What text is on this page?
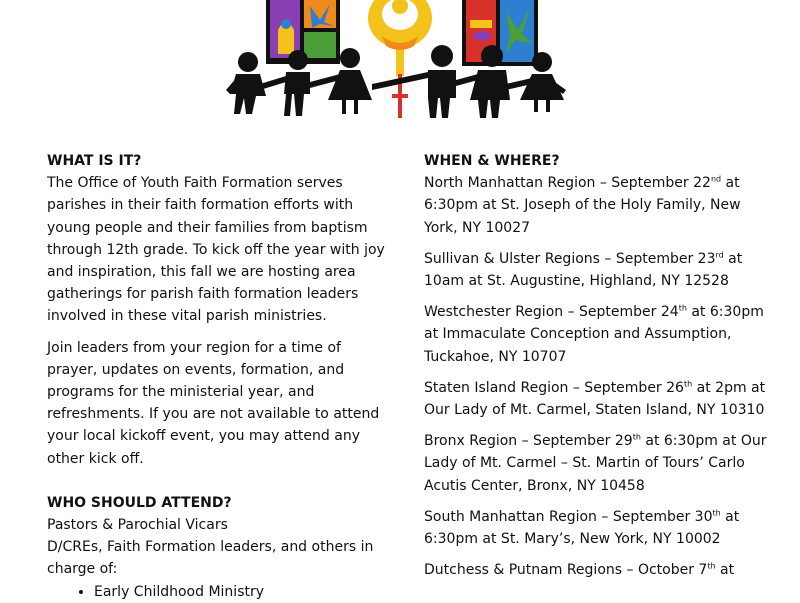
WHAT IS IT?

The Office of Youth Faith Formation serves parishes in their faith formation efforts with young people and their families from baptism through 12th grade. To kick off the year with joy and inspiration, this fall we are hosting area gatherings for parish faith formation leaders involved in these vital parish ministries.

Join leaders from your region for a time of prayer, updates on events, formation, and programs for the ministerial year, and refreshments. If you are not available to attend your local kickoff event, you may attend any other kick off.

WHO SHOULD ATTEND?

Pastors & Parochial Vicars

D/CREs, Faith Formation leaders, and others in charge of:

• Early Childhood Ministry
WHEN & WHERE?

North Manhattan Region – September 22nd at 6:30pm at St. Joseph of the Holy Family, New York, NY 10027

Sullivan & Ulster Regions – September 23rd at 10am at St. Augustine, Highland, NY 12528

Westchester Region – September 24th at 6:30pm at Immaculate Conception and Assumption, Tuckahoe, NY 10707

Staten Island Region – September 26th at 2pm at Our Lady of Mt. Carmel, Staten Island, NY 10310

Bronx Region – September 29th at 6:30pm at Our Lady of Mt. Carmel – St. Martin of Tours’ Carlo Acutis Center, Bronx, NY 10458

South Manhattan Region – September 30th at 6:30pm at St. Mary’s, New York, NY 10002

Dutchess & Putnam Regions – October 7th at
